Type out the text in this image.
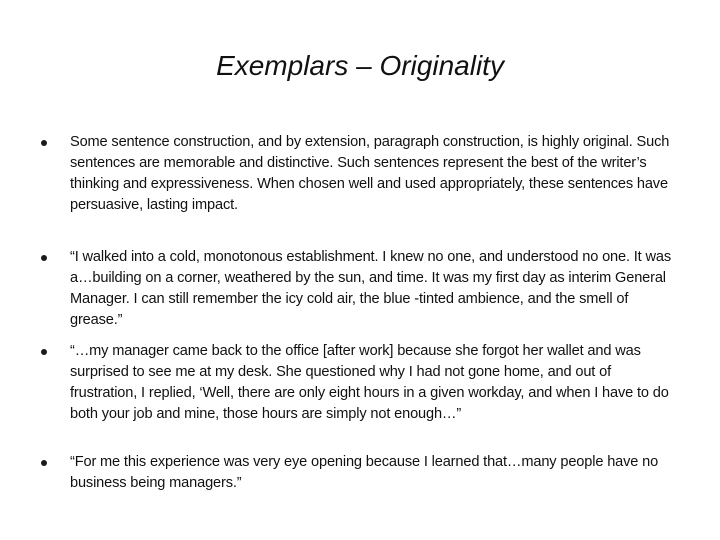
Exemplars – Originality
Some sentence construction, and by extension, paragraph construction, is highly original. Such sentences are memorable and distinctive. Such sentences represent the best of the writer’s thinking and expressiveness. When chosen well and used appropriately, these sentences have persuasive, lasting impact.
“I walked into a cold, monotonous establishment. I knew no one, and understood no one. It was a…building on a corner, weathered by the sun, and time. It was my first day as interim General Manager. I can still remember the icy cold air, the blue -tinted ambience, and the smell of grease.”
“…my manager came back to the office [after work] because she forgot her wallet and was surprised to see me at my desk. She questioned why I had not gone home, and out of frustration, I replied, ‘Well, there are only eight hours in a given workday, and when I have to do both your job and mine, those hours are simply not enough…”
“For me this experience was very eye opening because I learned that…many people have no business being managers.”
